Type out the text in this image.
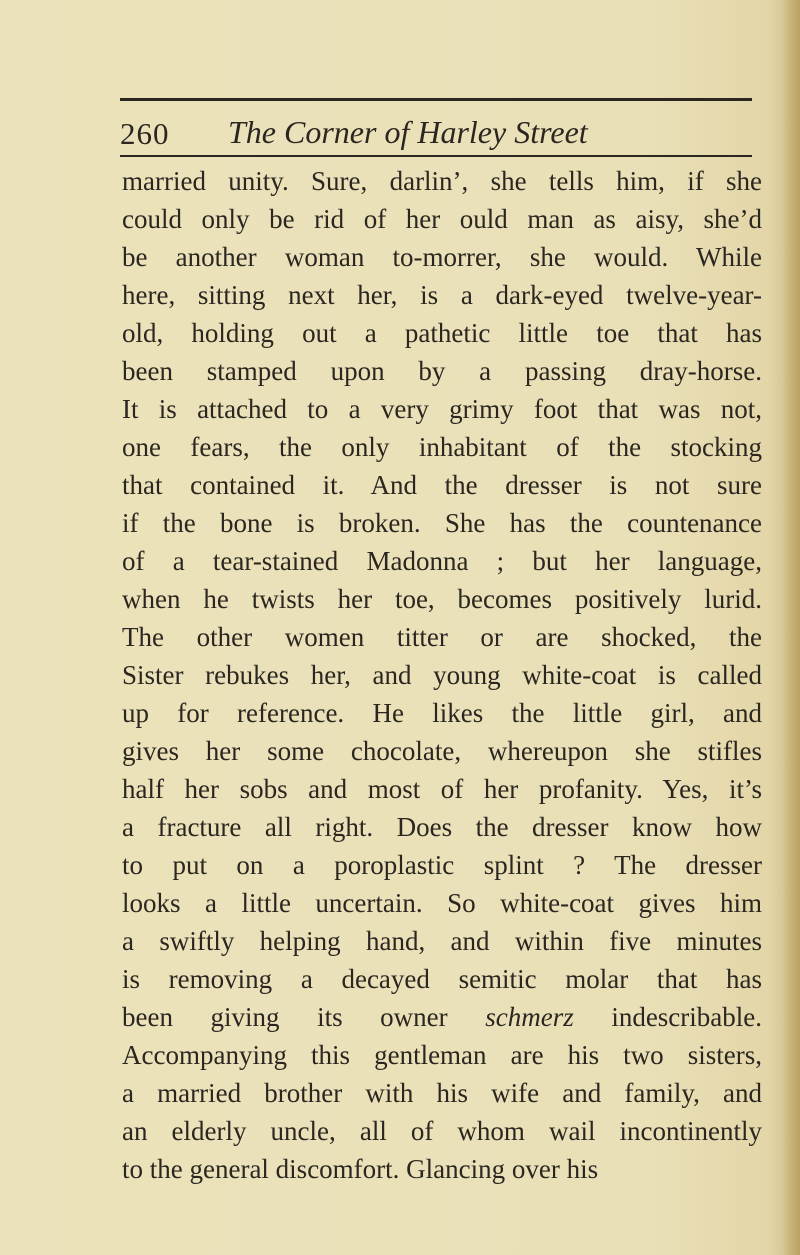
260 The Corner of Harley Street
married unity. Sure, darlin’, she tells him, if she
could only be rid of her ould man as aisy, she’d
be another woman to-morrer, she would. While
here, sitting next her, is a dark-eyed twelve-year-
old, holding out a pathetic little toe that has
been stamped upon by a passing dray-horse.
It is attached to a very grimy foot that was not,
one fears, the only inhabitant of the stocking
that contained it. And the dresser is not sure
if the bone is broken. She has the countenance
of a tear-stained Madonna ; but her language,
when he twists her toe, becomes positively lurid.
The other women titter or are shocked, the
Sister rebukes her, and young white-coat is called
up for reference. He likes the little girl, and
gives her some chocolate, whereupon she stifles
half her sobs and most of her profanity. Yes, it’s
a fracture all right. Does the dresser know how
to put on a poroplastic splint ? The dresser
looks a little uncertain. So white-coat gives him
a swiftly helping hand, and within five minutes
is removing a decayed semitic molar that has
been giving its owner schmerz indescribable.
Accompanying this gentleman are his two sisters,
a married brother with his wife and family, and
an elderly uncle, all of whom wail incontinently
to the general discomfort. Glancing over his
